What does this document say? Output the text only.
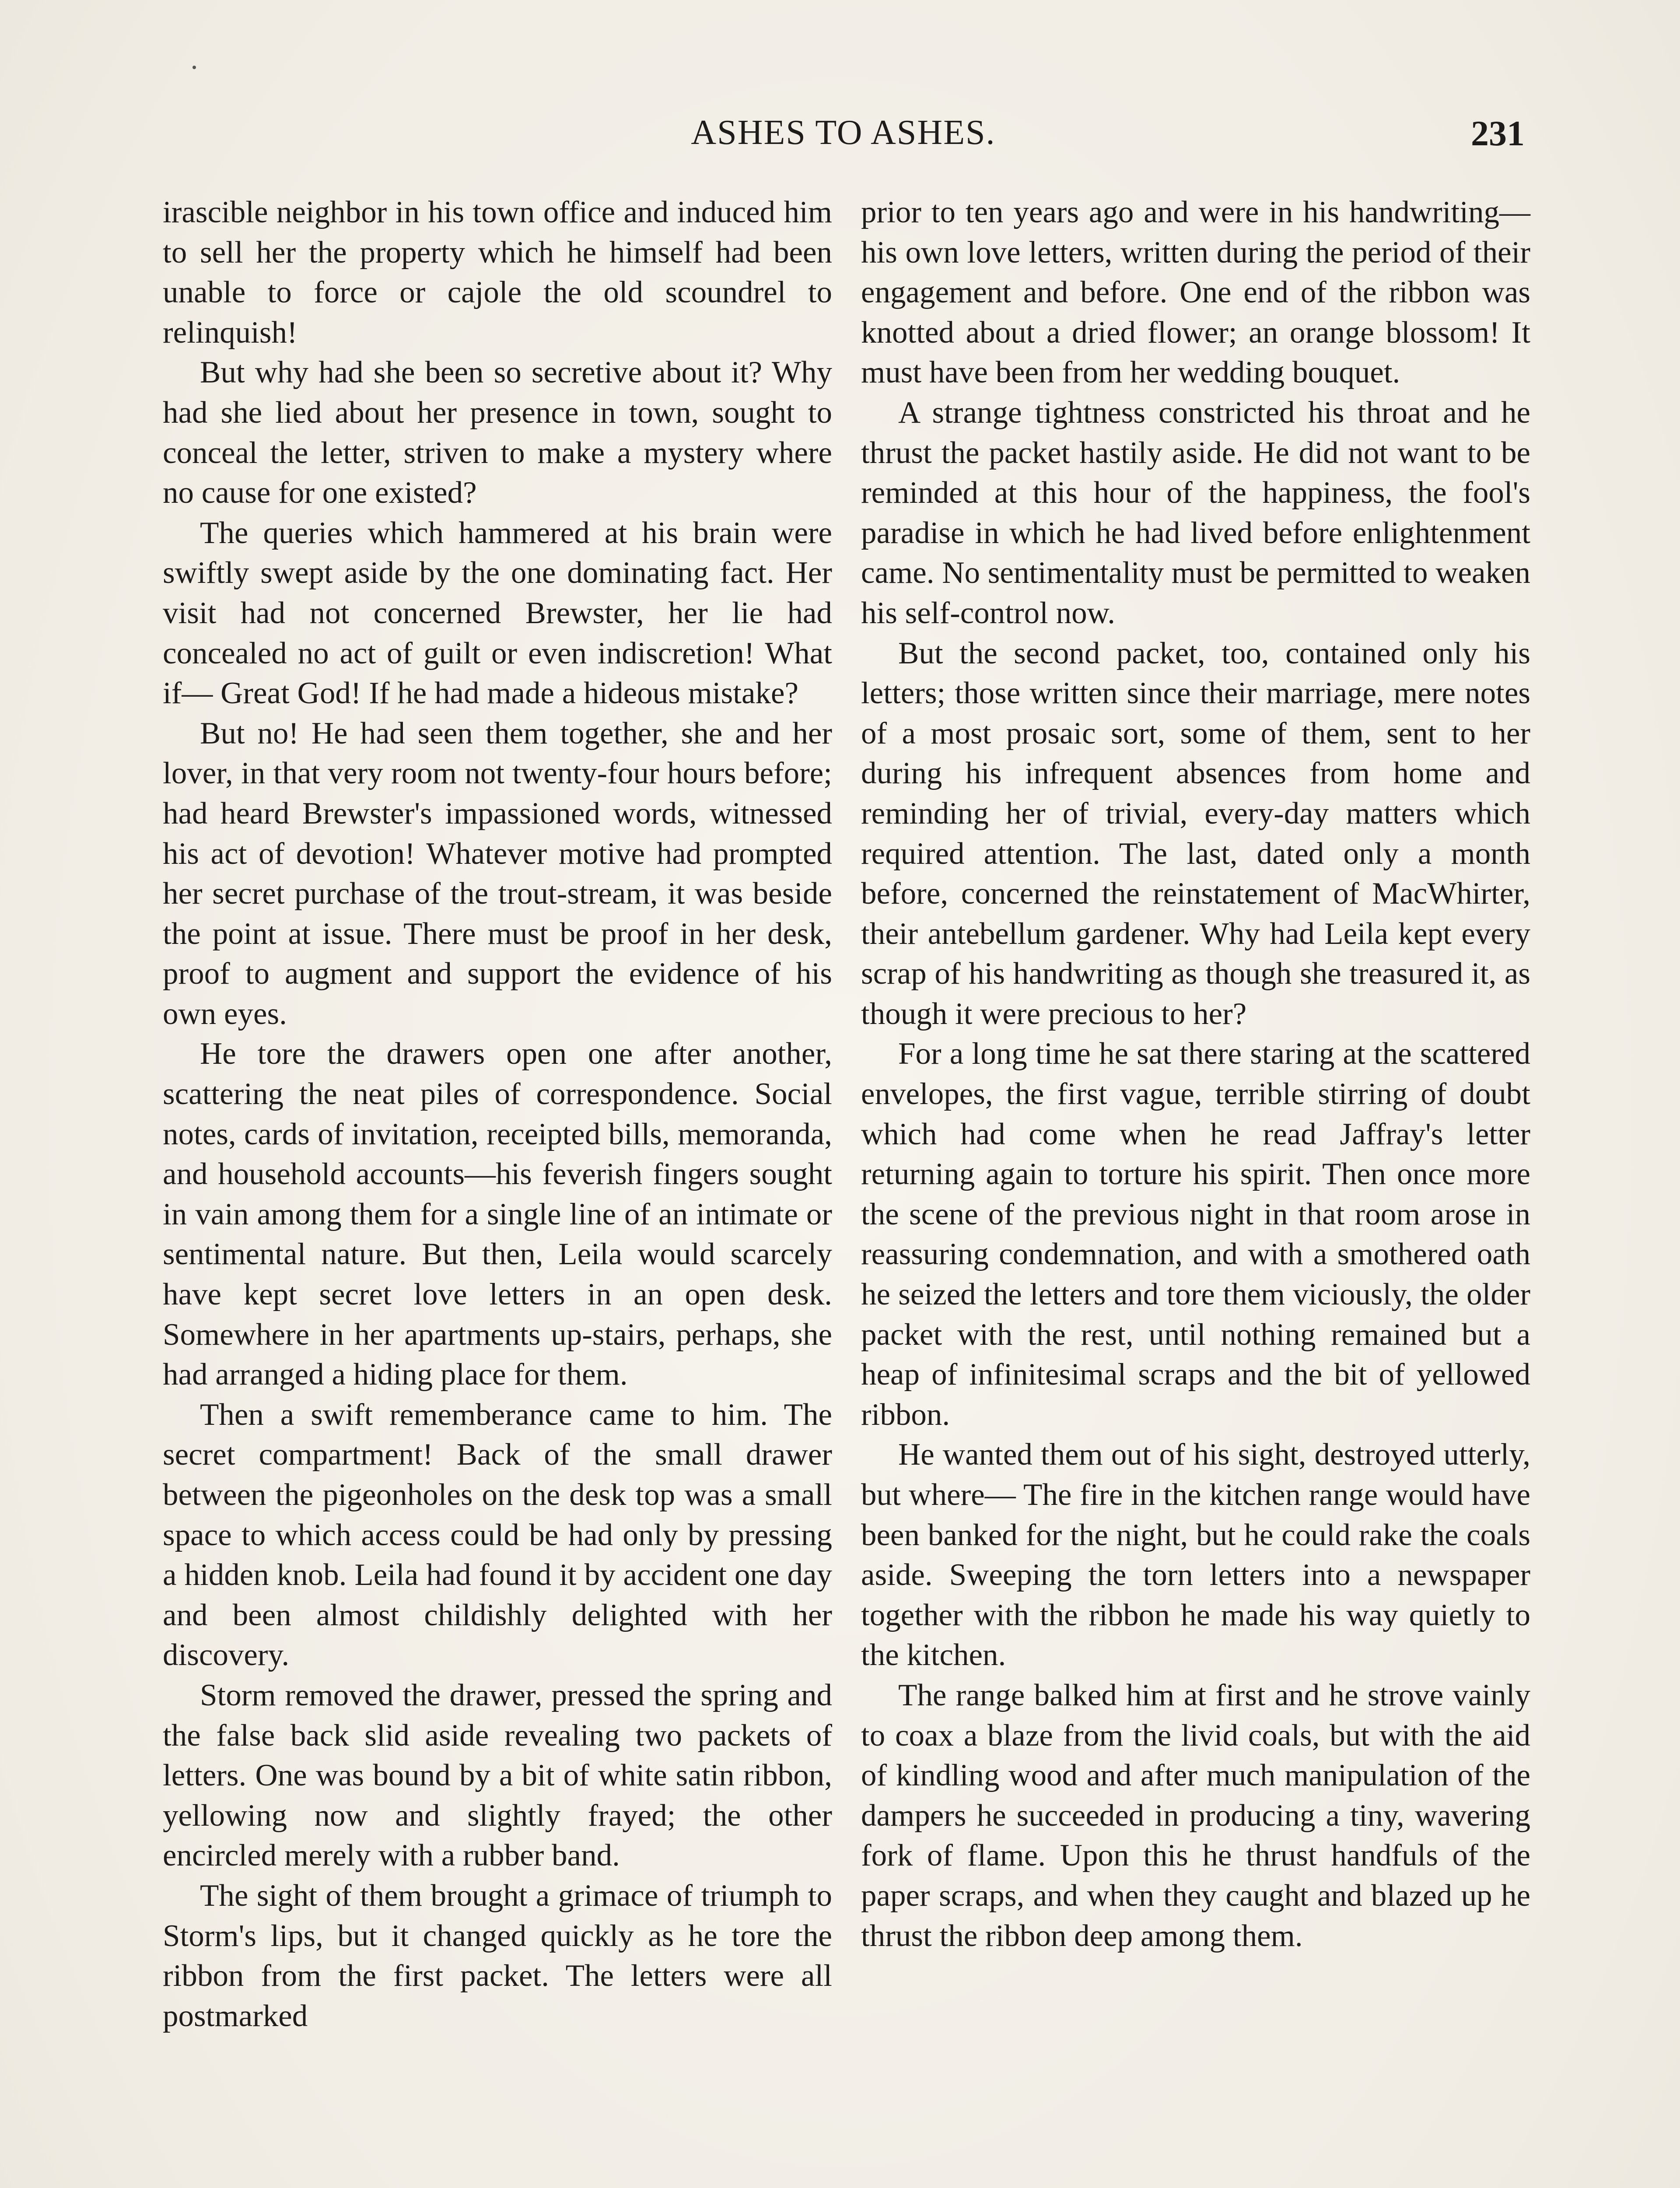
ASHES TO ASHES.	231

irascible neighbor in his town office and induced him to sell her the property which he himself had been unable to force or cajole the old scoundrel to relinquish!

But why had she been so secretive about it? Why had she lied about her presence in town, sought to conceal the letter, striven to make a mystery where no cause for one existed?

The queries which hammered at his brain were swiftly swept aside by the one dominating fact. Her visit had not concerned Brewster, her lie had concealed no act of guilt or even indiscretion! What if— Great God! If he had made a hideous mistake?

But no! He had seen them together, she and her lover, in that very room not twenty-four hours before; had heard Brewster's impassioned words, witnessed his act of devotion! Whatever motive had prompted her secret purchase of the trout-stream, it was beside the point at issue. There must be proof in her desk, proof to augment and support the evidence of his own eyes.

He tore the drawers open one after another, scattering the neat piles of correspondence. Social notes, cards of invitation, receipted bills, memoranda, and household accounts—his feverish fingers sought in vain among them for a single line of an intimate or sentimental nature. But then, Leila would scarcely have kept secret love letters in an open desk. Somewhere in her apartments up-stairs, perhaps, she had arranged a hiding place for them.

Then a swift rememberance came to him. The secret compartment! Back of the small drawer between the pigeonholes on the desk top was a small space to which access could be had only by pressing a hidden knob. Leila had found it by accident one day and been almost childishly delighted with her discovery.

Storm removed the drawer, pressed the spring and the false back slid aside revealing two packets of letters. One was bound by a bit of white satin ribbon, yellowing now and slightly frayed; the other encircled merely with a rubber band.

The sight of them brought a grimace of triumph to Storm's lips, but it changed quickly as he tore the ribbon from the first packet. The letters were all postmarked

prior to ten years ago and were in his handwriting—his own love letters, written during the period of their engagement and before. One end of the ribbon was knotted about a dried flower; an orange blossom! It must have been from her wedding bouquet.

A strange tightness constricted his throat and he thrust the packet hastily aside. He did not want to be reminded at this hour of the happiness, the fool's paradise in which he had lived before enlightenment came. No sentimentality must be permitted to weaken his self-control now.

But the second packet, too, contained only his letters; those written since their marriage, mere notes of a most prosaic sort, some of them, sent to her during his infrequent absences from home and reminding her of trivial, every-day matters which required attention. The last, dated only a month before, concerned the reinstatement of MacWhirter, their antebellum gardener. Why had Leila kept every scrap of his handwriting as though she treasured it, as though it were precious to her?

For a long time he sat there staring at the scattered envelopes, the first vague, terrible stirring of doubt which had come when he read Jaffray's letter returning again to torture his spirit. Then once more the scene of the previous night in that room arose in reassuring condemnation, and with a smothered oath he seized the letters and tore them viciously, the older packet with the rest, until nothing remained but a heap of infinitesimal scraps and the bit of yellowed ribbon.

He wanted them out of his sight, destroyed utterly, but where— The fire in the kitchen range would have been banked for the night, but he could rake the coals aside. Sweeping the torn letters into a newspaper together with the ribbon he made his way quietly to the kitchen.

The range balked him at first and he strove vainly to coax a blaze from the livid coals, but with the aid of kindling wood and after much manipulation of the dampers he succeeded in producing a tiny, wavering fork of flame. Upon this he thrust handfuls of the paper scraps, and when they caught and blazed up he thrust the ribbon deep among them.
